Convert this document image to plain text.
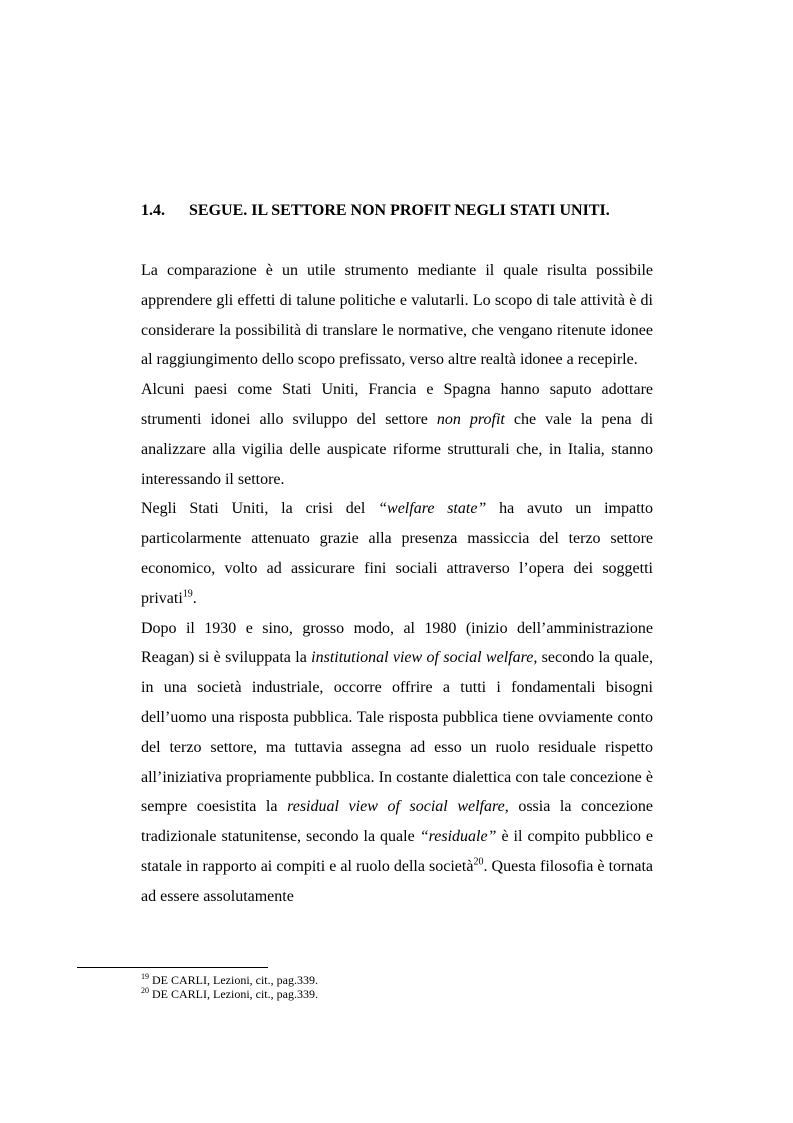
1.4. SEGUE. IL SETTORE NON PROFIT NEGLI STATI UNITI.

La comparazione è un utile strumento mediante il quale risulta possibile apprendere gli effetti di talune politiche e valutarli. Lo scopo di tale attività è di considerare la possibilità di translare le normative, che vengano ritenute idonee al raggiungimento dello scopo prefissato, verso altre realtà idonee a recepirle.

Alcuni paesi come Stati Uniti, Francia e Spagna hanno saputo adottare strumenti idonei allo sviluppo del settore non profit che vale la pena di analizzare alla vigilia delle auspicate riforme strutturali che, in Italia, stanno interessando il settore.

Negli Stati Uniti, la crisi del “welfare state” ha avuto un impatto particolarmente attenuato grazie alla presenza massiccia del terzo settore economico, volto ad assicurare fini sociali attraverso l’opera dei soggetti privati$^{19}$.

Dopo il 1930 e sino, grosso modo, al 1980 (inizio dell’amministrazione Reagan) si è sviluppata la institutional view of social welfare, secondo la quale, in una società industriale, occorre offrire a tutti i fondamentali bisogni dell’uomo una risposta pubblica. Tale risposta pubblica tiene ovviamente conto del terzo settore, ma tuttavia assegna ad esso un ruolo residuale rispetto all’iniziativa propriamente pubblica. In costante dialettica con tale concezione è sempre coesistita la residual view of social welfare, ossia la concezione tradizionale statunitense, secondo la quale “residuale” è il compito pubblico e statale in rapporto ai compiti e al ruolo della società$^{20}$. Questa filosofia è tornata ad essere assolutamente

$^{19}$ DE CARLI, Lezioni, cit., pag.339.
$^{20}$ DE CARLI, Lezioni, cit., pag.339.
